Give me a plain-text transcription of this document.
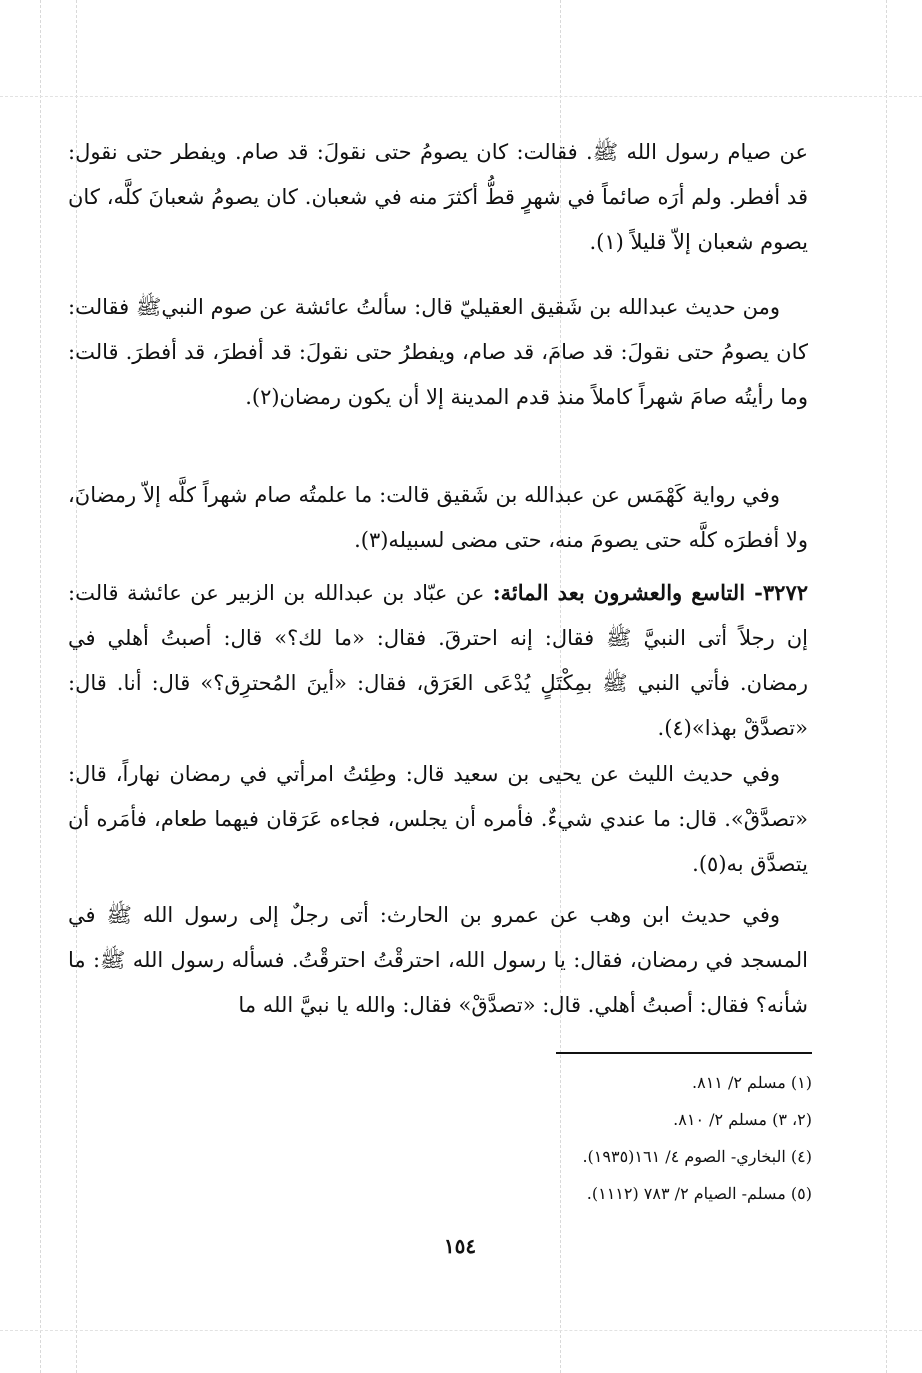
عن صيام رسول الله ﷺ. فقالت: كان يصومُ حتى نقولَ: قد صام. ويفطر حتى نقول: قد أفطر. ولم أرَه صائماً في شهرٍ قطُّ أكثرَ منه في شعبان. كان يصومُ شعبانَ كلَّه، كان يصوم شعبان إلاّ قليلاً (١).

ومن حديث عبدالله بن شَقيق العقيليّ قال: سألتُ عائشة عن صوم النبيﷺ فقالت: كان يصومُ حتى نقولَ: قد صامَ، قد صام، ويفطرُ حتى نقولَ: قد أفطرَ، قد أفطرَ. قالت: وما رأيتُه صامَ شهراً كاملاً منذ قدم المدينة إلا أن يكون رمضان(٢).

وفي رواية كَهْمَس عن عبدالله بن شَقيق قالت: ما علمتُه صام شهراً كلَّه إلاّ رمضانَ، ولا أفطرَه كلَّه حتى يصومَ منه، حتى مضى لسبيله(٣).

٣٢٧٢- التاسع والعشرون بعد المائة: عن عبّاد بن عبدالله بن الزبير عن عائشة قالت: إن رجلاً أتى النبيَّ ﷺ فقال: إنه احترقَ. فقال: «ما لك؟» قال: أصبتُ أهلي في رمضان. فأتي النبي ﷺ بمِكْتَلٍ يُدْعَى العَرَق، فقال: «أينَ المُحترِق؟» قال: أنا. قال: «تصدَّقْ بهذا»(٤).

وفي حديث الليث عن يحيى بن سعيد قال: وطِئتُ امرأتي في رمضان نهاراً، قال: «تصدَّقْ». قال: ما عندي شيءٌ. فأمره أن يجلس، فجاءه عَرَقان فيهما طعام، فأمَره أن يتصدَّق به(٥).

وفي حديث ابن وهب عن عمرو بن الحارث: أتى رجلٌ إلى رسول الله ﷺ في المسجد في رمضان، فقال: يا رسول الله، احترقْتُ احترقْتُ. فسأله رسول الله ﷺ: ما شأنه؟ فقال: أصبتُ أهلي. قال: «تصدَّقْ» فقال: والله يا نبيَّ الله ما

(١) مسلم ٢/ ٨١١.

(٢، ٣) مسلم ٢/ ٨١٠.

(٤) البخاري- الصوم ٤/ ١٦١(١٩٣٥).

(٥) مسلم- الصيام ٢/ ٧٨٣ (١١١٢).

١٥٤
